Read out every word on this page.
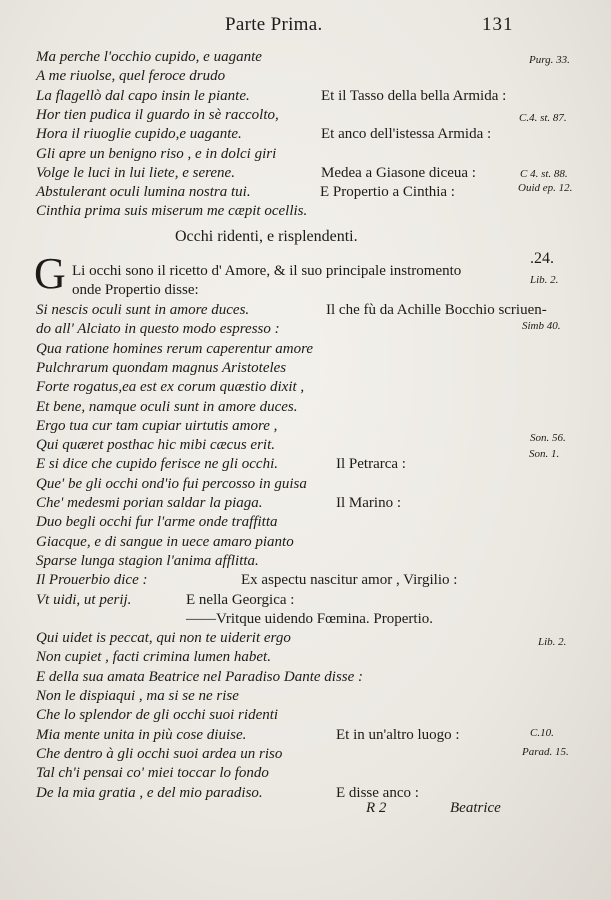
Parte Prima.	131
Ma perche l'occhio cupido, e uagante
A me riuolse, quel feroce drudo
La flagellò dal capo insin le piante.	Et il Tasso della bella Armida :
Hor tien pudica il guardo in sè raccolto,
Hora il riuoglie cupido,e uagante.	Et anco dell'istessa Armida :
Gli apre un benigno riso , e in dolci giri
Volge le luci in lui liete, e serene.	Medea a Giasone diceua :
Abstulerant oculi lumina nostra tui.	E Propertio a Cinthia :
Cinthia prima suis miserum me cæpit ocellis.
Occhi ridenti, e risplendenti.
.24.
G Li occhi sono il ricetto d' Amore, & il suo principale instromento
onde Propertio disse:
Si nescis oculi sunt in amore duces.	Il che fù da Achille Bocchio scriuen-
do all' Alciato in questo modo espresso :
Qua ratione homines rerum caperentur amore
Pulchrarum quondam magnus Aristoteles
Forte rogatus,ea est ex corum quæstio dixit ,
Et bene, namque oculi sunt in amore duces.
Ergo tua cur tam cupiar uirtutis amore ,
Qui quæret posthac hic mibi cæcus erit.
E si dice che cupido ferisce ne gli occhi.	Il Petrarca :
Que' be gli occhi ond'io fui percosso in guisa
Che' medesmi porian saldar la piaga.	Il Marino :
Duo begli occhi fur l'arme onde traffitta
Giacque, e di sangue in uece amaro pianto
Sparse lunga stagion l'anima afflitta.
Il Prouerbio dice :	Ex aspectu nascitur amor , Virgilio :
Vt uidi, ut perij.	E nella Georgica :
——Vritque uidendo Fœmina. Propertio.
Qui uidet is peccat, qui non te uiderit ergo
Non cupiet , facti crimina lumen habet.
E della sua amata Beatrice nel Paradiso Dante disse :
Non le dispiaqui , ma si se ne rise
Che lo splendor de gli occhi suoi ridenti
Mia mente unita in più cose diuise.	Et in un'altro luogo :
Che dentro à gli occhi suoi ardea un riso
Tal ch'i pensai co' miei toccar lo fondo
De la mia gratia , e del mio paradiso.	E disse anco :
Purg. 33.
C.4. st. 87.
C 4. st. 88.
Ouid ep. 12.
Lib. 2.
Simb 40.
Son. 56.
Son. 1.
Lib. 2.
C.10.
Parad. 15.
R 2	Beatrice
